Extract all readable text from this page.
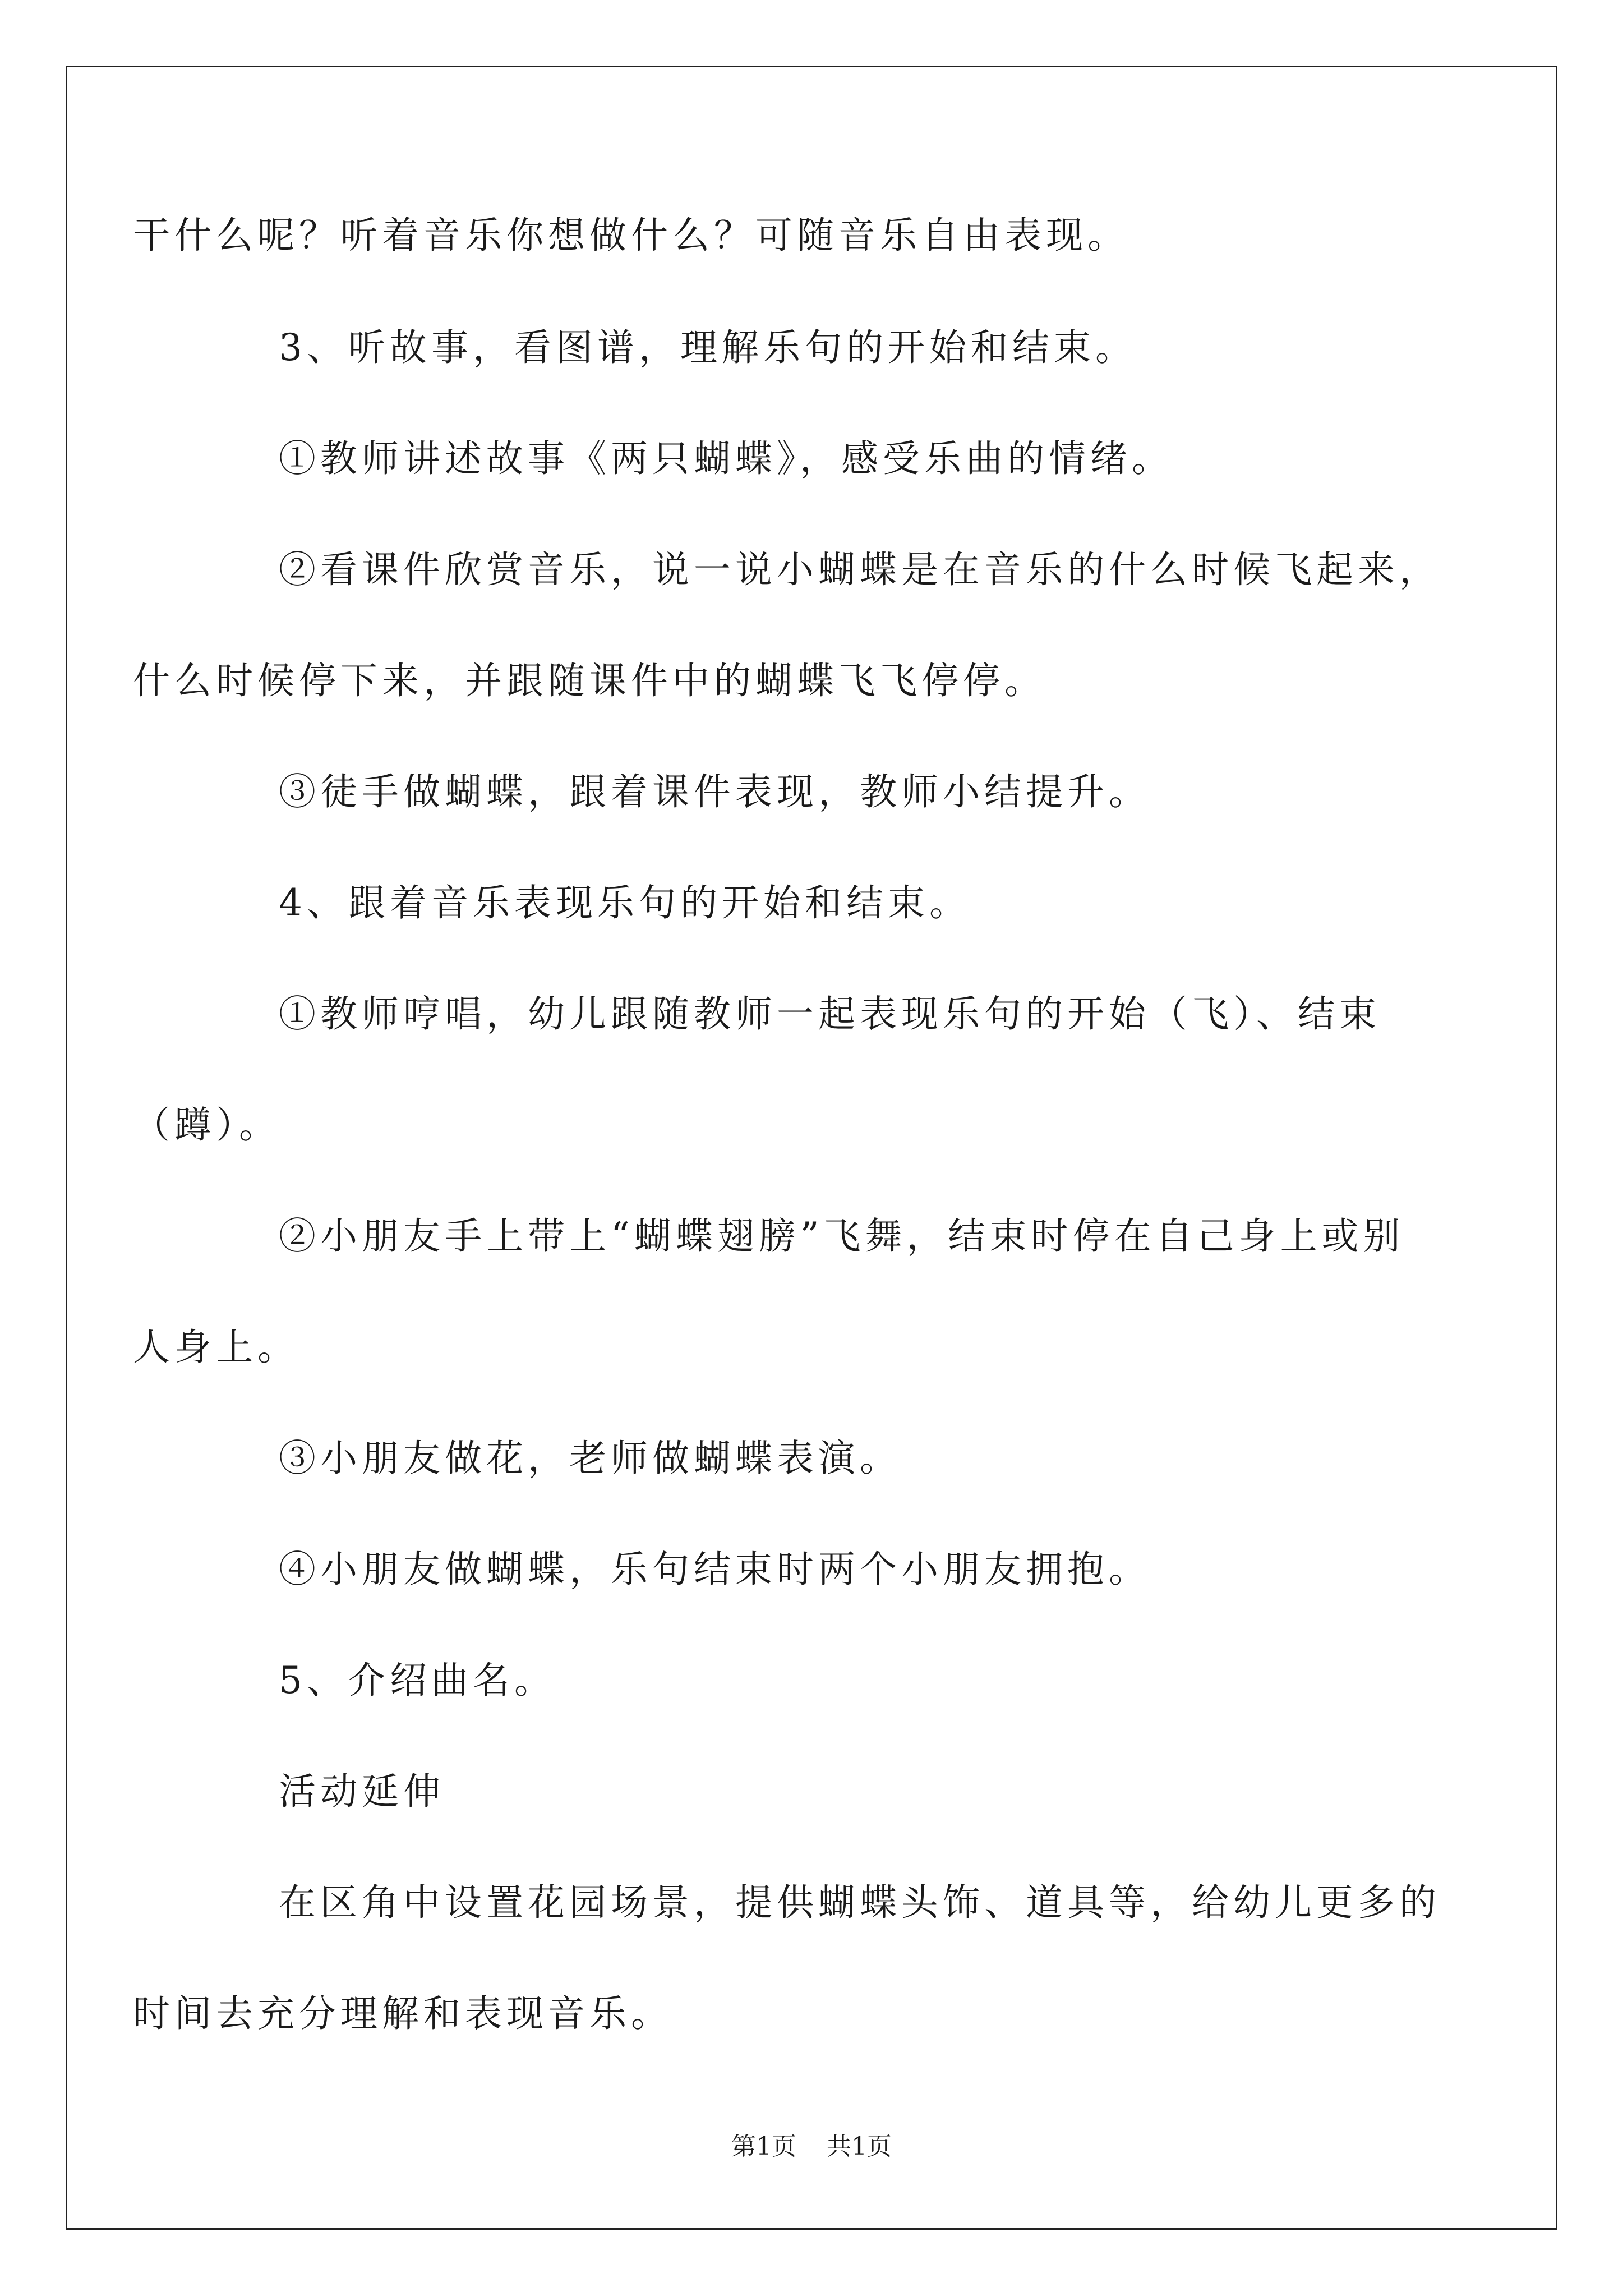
干什么呢？听着音乐你想做什么？可随音乐自由表现。
3、听故事，看图谱，理解乐句的开始和结束。
①教师讲述故事《两只蝴蝶》，感受乐曲的情绪。
②看课件欣赏音乐，说一说小蝴蝶是在音乐的什么时候飞起来，
什么时候停下来，并跟随课件中的蝴蝶飞飞停停。
③徒手做蝴蝶，跟着课件表现，教师小结提升。
4、跟着音乐表现乐句的开始和结束。
①教师哼唱，幼儿跟随教师一起表现乐句的开始（飞）、结束
（蹲）。
②小朋友手上带上“蝴蝶翅膀”飞舞，结束时停在自己身上或别
人身上。
③小朋友做花，老师做蝴蝶表演。
④小朋友做蝴蝶，乐句结束时两个小朋友拥抱。
5、介绍曲名。
活动延伸
在区角中设置花园场景，提供蝴蝶头饰、道具等，给幼儿更多的
时间去充分理解和表现音乐。
第1页 共1页
